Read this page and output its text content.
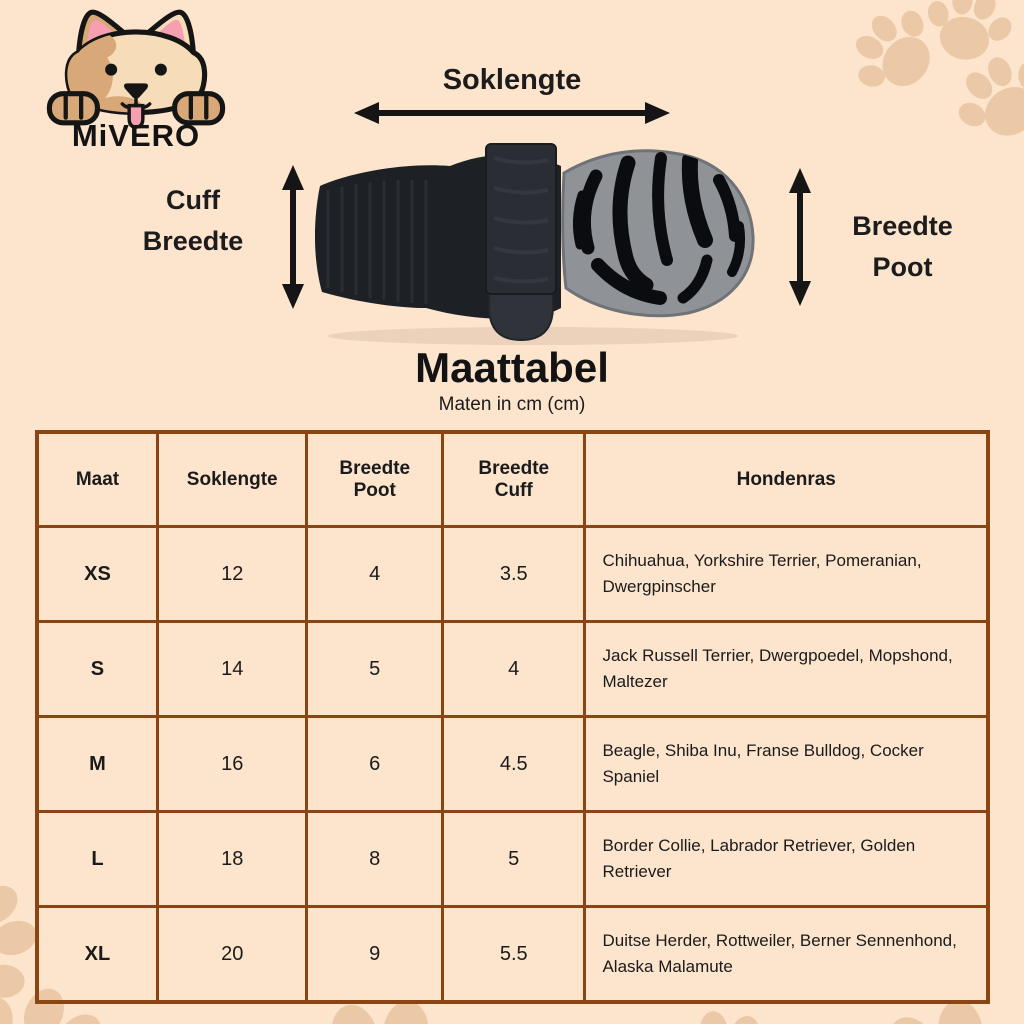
MiVERO
Soklengte
Cuff
Breedte	Breedte
Poot
Maattabel
Maten in cm (cm)
Maat	Soklengte	Breedte Poot	Breedte Cuff	Hondenras

XS	12	4	3.5	Chihuahua, Yorkshire Terrier, Pomeranian, Dwergpinscher
S	14	5	4	Jack Russell Terrier, Dwergpoedel, Mopshond, Maltezer
M	16	6	4.5	Beagle, Shiba Inu, Franse Bulldog, Cocker Spaniel
L	18	8	5	Border Collie, Labrador Retriever, Golden Retriever
XL	20	9	5.5	Duitse Herder, Rottweiler, Berner Sennenhond, Alaska Malamute
